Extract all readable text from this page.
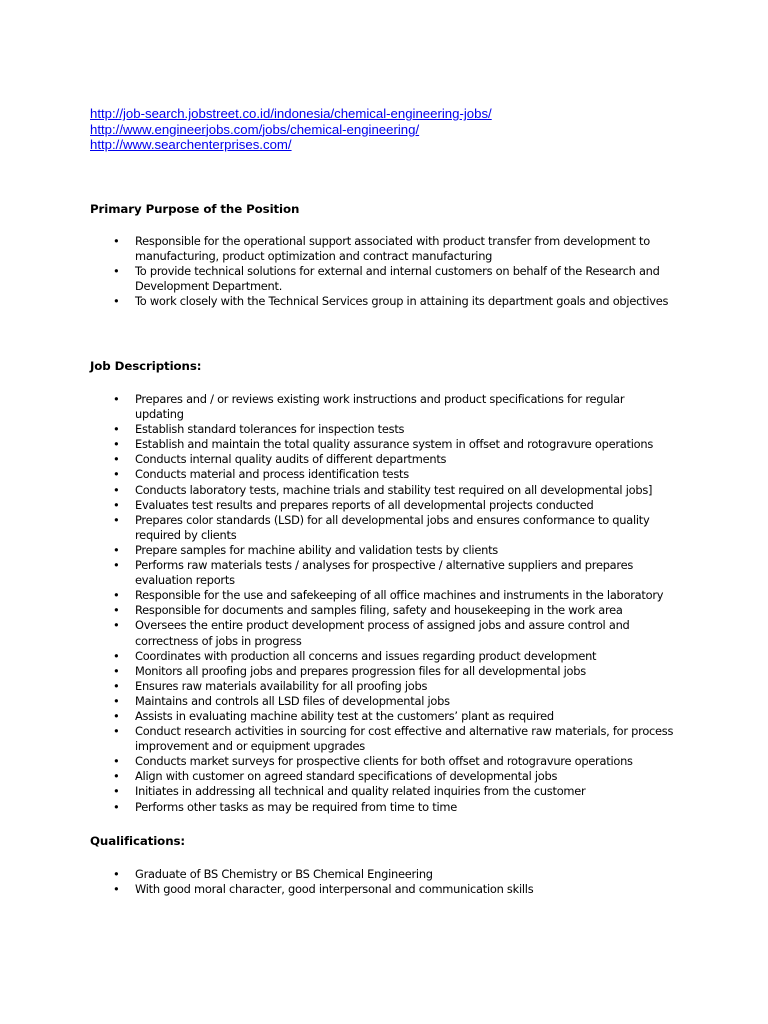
http://job-search.jobstreet.co.id/indonesia/chemical-engineering-jobs/
http://www.engineerjobs.com/jobs/chemical-engineering/
http://www.searchenterprises.com/
Primary Purpose of the Position
• Responsible for the operational support associated with product transfer from development to manufacturing, product optimization and contract manufacturing
• To provide technical solutions for external and internal customers on behalf of the Research and Development Department.
• To work closely with the Technical Services group in attaining its department goals and objectives
Job Descriptions:
• Prepares and / or reviews existing work instructions and product specifications for regular updating
• Establish standard tolerances for inspection tests
• Establish and maintain the total quality assurance system in offset and rotogravure operations
• Conducts internal quality audits of different departments
• Conducts material and process identification tests
• Conducts laboratory tests, machine trials and stability test required on all developmental jobs]
• Evaluates test results and prepares reports of all developmental projects conducted
• Prepares color standards (LSD) for all developmental jobs and ensures conformance to quality required by clients
• Prepare samples for machine ability and validation tests by clients
• Performs raw materials tests / analyses for prospective / alternative suppliers and prepares evaluation reports
• Responsible for the use and safekeeping of all office machines and instruments in the laboratory
• Responsible for documents and samples filing, safety and housekeeping in the work area
• Oversees the entire product development process of assigned jobs and assure control and correctness of jobs in progress
• Coordinates with production all concerns and issues regarding product development
• Monitors all proofing jobs and prepares progression files for all developmental jobs
• Ensures raw materials availability for all proofing jobs
• Maintains and controls all LSD files of developmental jobs
• Assists in evaluating machine ability test at the customers’ plant as required
• Conduct research activities in sourcing for cost effective and alternative raw materials, for process improvement and or equipment upgrades
• Conducts market surveys for prospective clients for both offset and rotogravure operations
• Align with customer on agreed standard specifications of developmental jobs
• Initiates in addressing all technical and quality related inquiries from the customer
• Performs other tasks as may be required from time to time
Qualifications:
• Graduate of BS Chemistry or BS Chemical Engineering
• With good moral character, good interpersonal and communication skills
